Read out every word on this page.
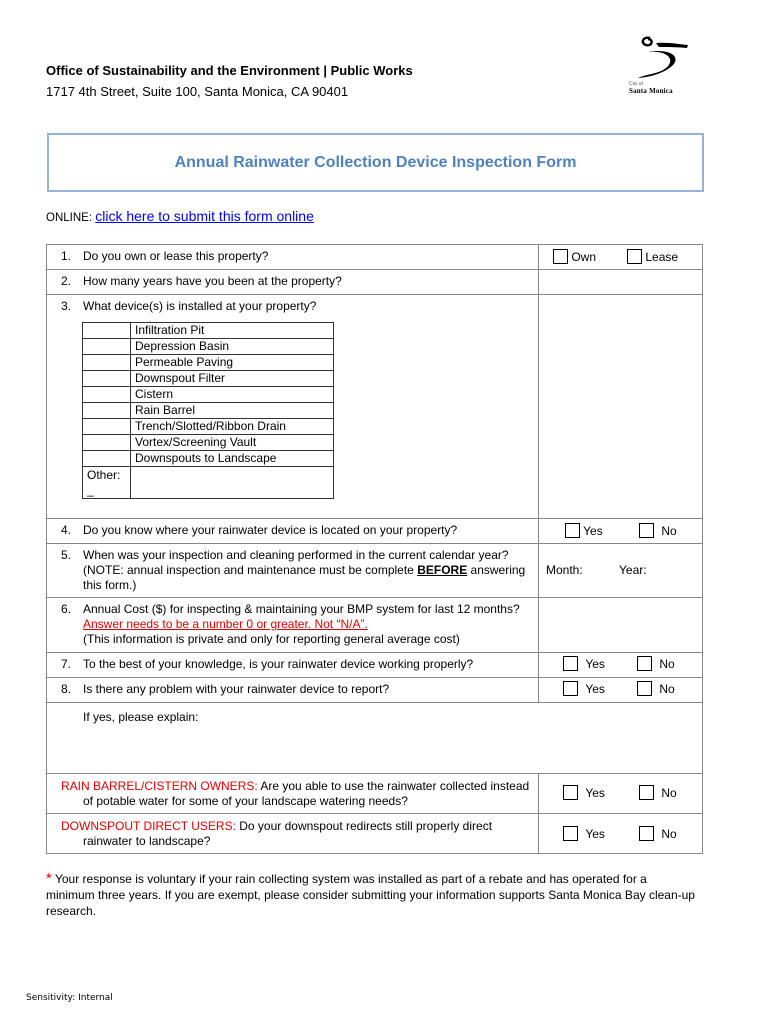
Office of Sustainability and the Environment | Public Works
1717 4th Street, Suite 100, Santa Monica, CA 90401	City of
Santa Monica
Annual Rainwater Collection Device Inspection Form
ONLINE: click here to submit this form online
1. Do you own or lease this property?	Own	Lease

2. How many years have you been at the property?

3. What device(s) is installed at your property?
	Infiltration Pit
	Depression Basin
	Permeable Paving
	Downspout Filter
	Cistern
	Rain Barrel
	Trench/Slotted/Ribbon Drain
	Vortex/Screening Vault
	Downspouts to Landscape

Other:
_

4. Do you know where your rainwater device is located on your property?	Yes	No

5. When was your inspection and cleaning performed in the current calendar year? (NOTE: annual inspection and maintenance must be complete BEFORE answering this form.)

Month:	Year:

6. Annual Cost ($) for inspecting & maintaining your BMP system for last 12 months? Answer needs to be a number 0 or greater. Not “N/A”.
(This information is private and only for reporting general average cost)

7. To the best of your knowledge, is your rainwater device working properly?	Yes	No

8. Is there any problem with your rainwater device to report?	Yes	No

If yes, please explain:

RAIN BARREL/CISTERN OWNERS: Are you able to use the rainwater collected instead of potable water for some of your landscape watering needs?

Yes	No

DOWNSPOUT DIRECT USERS: Do your downspout redirects still properly direct rainwater to landscape?	Yes	No
* Your response is voluntary if your rain collecting system was installed as part of a rebate and has operated for a minimum three years. If you are exempt, please consider submitting your information supports Santa Monica Bay clean-up research.
Sensitivity: Internal
